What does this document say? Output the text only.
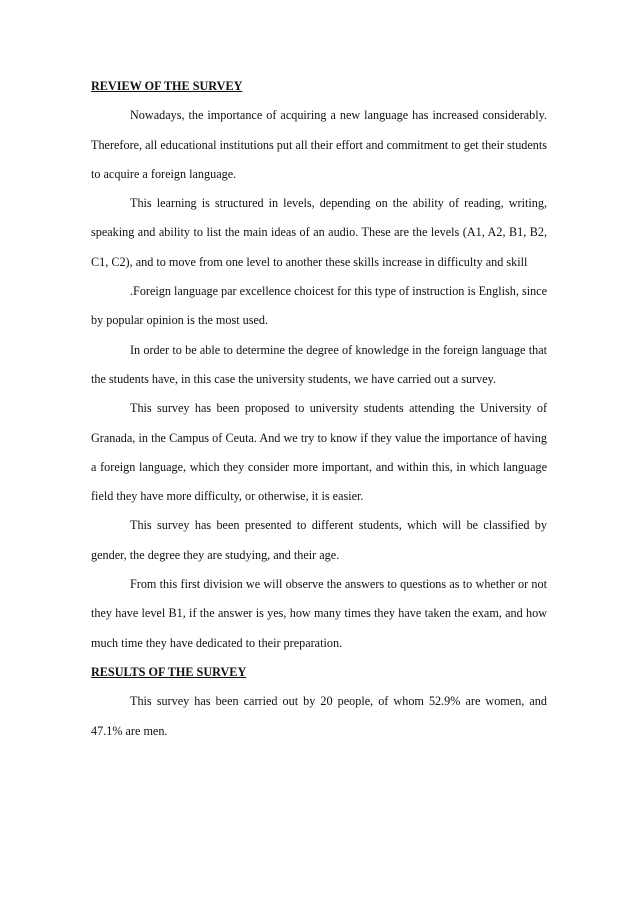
REVIEW OF THE SURVEY

Nowadays, the importance of acquiring a new language has increased considerably. Therefore, all educational institutions put all their effort and commitment to get their students to acquire a foreign language.

This learning is structured in levels, depending on the ability of reading, writing, speaking and ability to list the main ideas of an audio. These are the levels (A1, A2, B1, B2, C1, C2), and to move from one level to another these skills increase in difficulty and skill

.Foreign language par excellence choicest for this type of instruction is English, since by popular opinion is the most used.

In order to be able to determine the degree of knowledge in the foreign language that the students have, in this case the university students, we have carried out a survey.

This survey has been proposed to university students attending the University of Granada, in the Campus of Ceuta. And we try to know if they value the importance of having a foreign language, which they consider more important, and within this, in which language field they have more difficulty, or otherwise, it is easier.

This survey has been presented to different students, which will be classified by gender, the degree they are studying, and their age.

From this first division we will observe the answers to questions as to whether or not they have level B1, if the answer is yes, how many times they have taken the exam, and how much time they have dedicated to their preparation.

RESULTS OF THE SURVEY

This survey has been carried out by 20 people, of whom 52.9% are women, and 47.1% are men.
